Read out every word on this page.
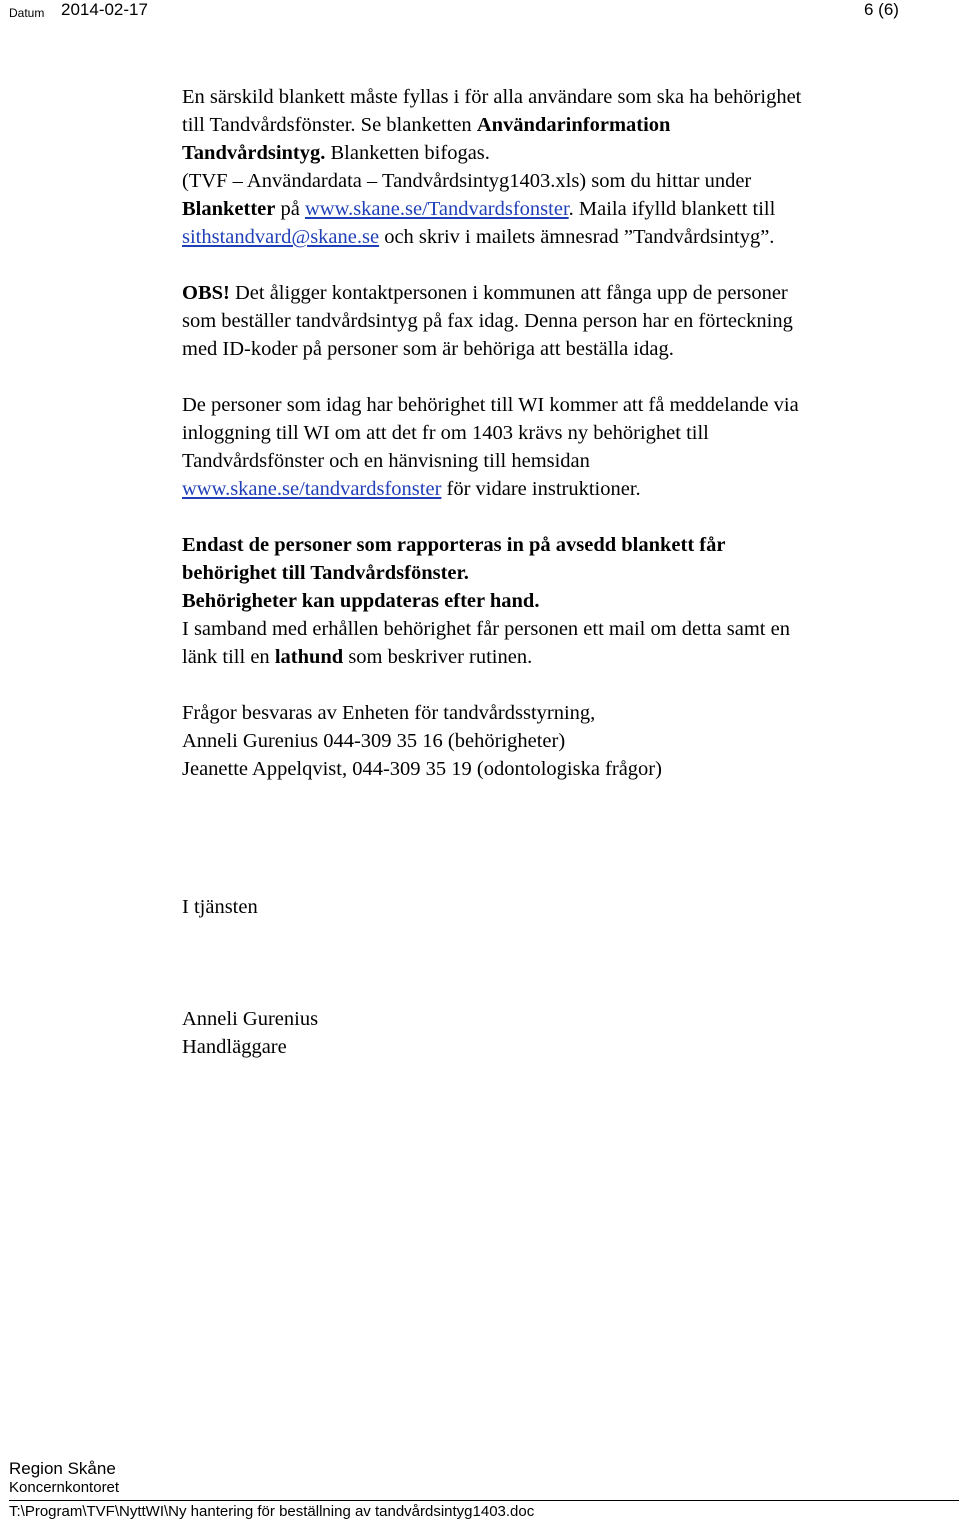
Datum 2014-02-17	6 (6)
En särskild blankett måste fyllas i för alla användare som ska ha behörighet
till Tandvårdsfönster. Se blanketten Användarinformation
Tandvårdsintyg. Blanketten bifogas.
(TVF – Användardata – Tandvårdsintyg1403.xls) som du hittar under
Blanketter på www.skane.se/Tandvardsfonster. Maila ifylld blankett till
sithstandvard@skane.se och skriv i mailets ämnesrad ”Tandvårdsintyg”.
OBS! Det åligger kontaktpersonen i kommunen att fånga upp de personer
som beställer tandvårdsintyg på fax idag. Denna person har en förteckning
med ID-koder på personer som är behöriga att beställa idag.
De personer som idag har behörighet till WI kommer att få meddelande via
inloggning till WI om att det fr om 1403 krävs ny behörighet till
Tandvårdsfönster och en hänvisning till hemsidan
www.skane.se/tandvardsfonster för vidare instruktioner.
Endast de personer som rapporteras in på avsedd blankett får
behörighet till Tandvårdsfönster.
Behörigheter kan uppdateras efter hand.
I samband med erhållen behörighet får personen ett mail om detta samt en
länk till en lathund som beskriver rutinen.
Frågor besvaras av Enheten för tandvårdsstyrning,
Anneli Gurenius 044-309 35 16 (behörigheter)
Jeanette Appelqvist, 044-309 35 19 (odontologiska frågor)
I tjänsten
Anneli Gurenius
Handläggare
Region Skåne
Koncernkontoret
T:\Program\TVF\NyttWI\Ny hantering för beställning av tandvårdsintyg1403.doc
